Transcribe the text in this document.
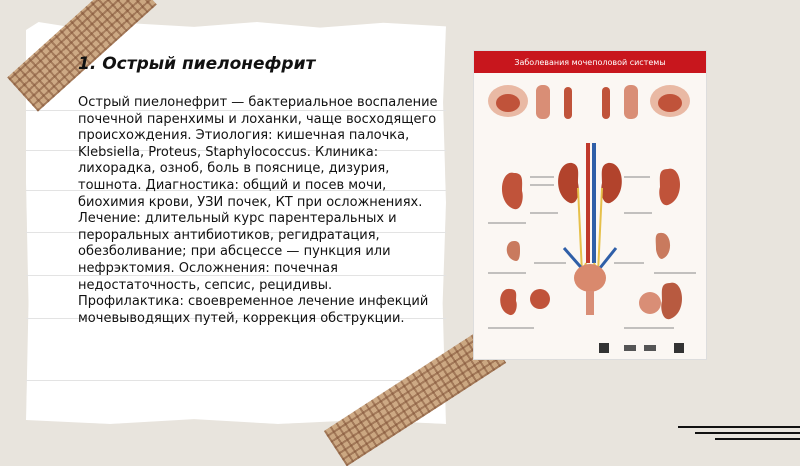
1. Острый пиелонефрит

Острый пиелонефрит — бактериальное воспаление почечной паренхимы и лоханки, чаще восходящего происхождения. Этиология: кишечная палочка, Klebsiella, Proteus, Staphylococcus. Клиника: лихорадка, озноб, боль в пояснице, дизурия, тошнота. Диагностика: общий и посев мочи, биохимия крови, УЗИ почек, КТ при осложнениях. Лечение: длительный курс парентеральных и пероральных антибиотиков, регидратация, обезболивание; при абсцессе — пункция или нефрэктомия. Осложнения: почечная недостаточность, сепсис, рецидивы. Профилактика: своевременное лечение инфекций мочевыводящих путей, коррекция обструкции.

Заболевания мочеполовой системы
